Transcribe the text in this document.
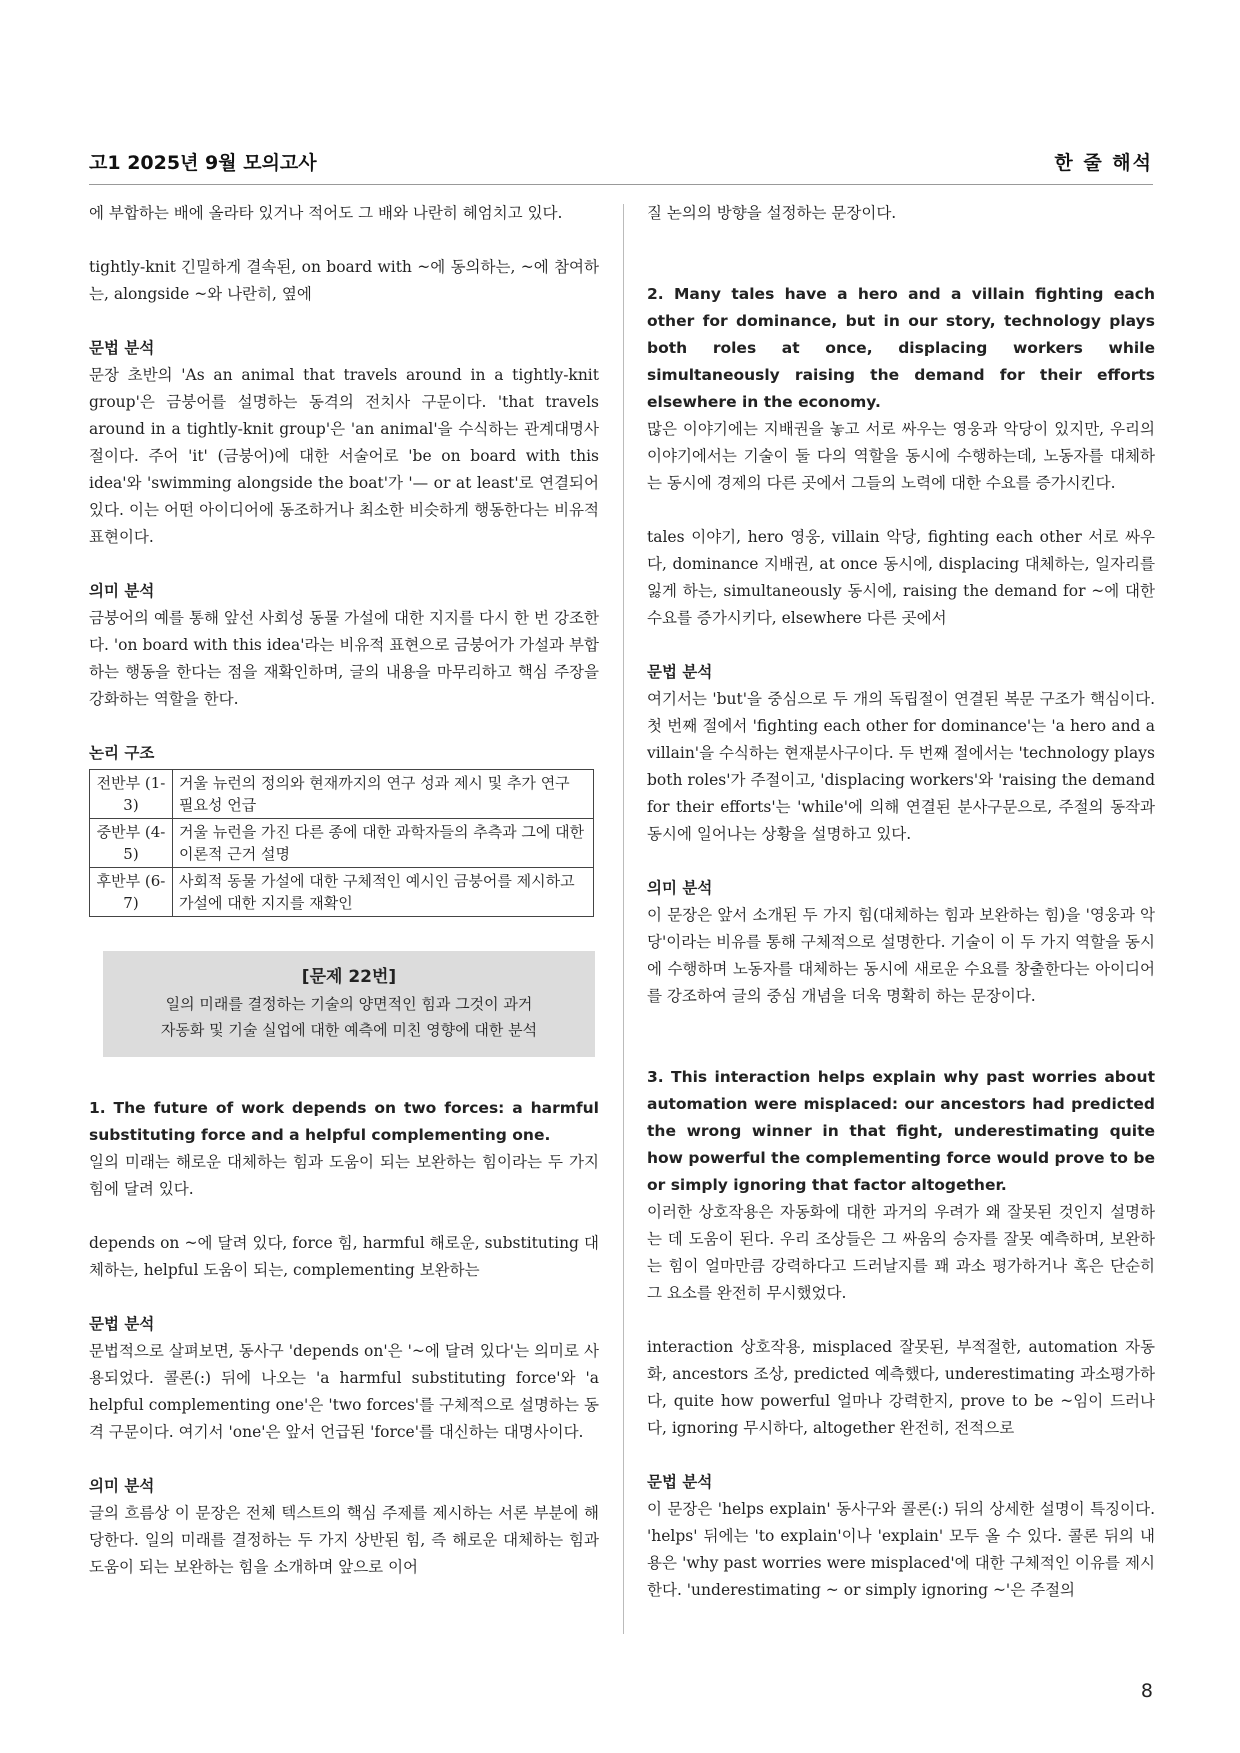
고1 2025년 9월 모의고사	한 줄 해석

에 부합하는 배에 올라타 있거나 적어도 그 배와 나란히 헤엄치고 있다.

tightly-knit 긴밀하게 결속된, on board with ~에 동의하는, ~에 참여하는, alongside ~와 나란히, 옆에

문법 분석

문장 초반의 'As an animal that travels around in a tightly-knit group'은 금붕어를 설명하는 동격의 전치사 구문이다. 'that travels around in a tightly-knit group'은 'an animal'을 수식하는 관계대명사절이다. 주어 'it' (금붕어)에 대한 서술어로 'be on board with this idea'와 'swimming alongside the boat'가 '— or at least'로 연결되어 있다. 이는 어떤 아이디어에 동조하거나 최소한 비슷하게 행동한다는 비유적 표현이다.

의미 분석

금붕어의 예를 통해 앞선 사회성 동물 가설에 대한 지지를 다시 한 번 강조한다. 'on board with this idea'라는 비유적 표현으로 금붕어가 가설과 부합하는 행동을 한다는 점을 재확인하며, 글의 내용을 마무리하고 핵심 주장을 강화하는 역할을 한다.

논리 구조

전반부 (1-3)	거울 뉴런의 정의와 현재까지의 연구 성과 제시 및 추가 연구 필요성 언급
중반부 (4-5)	거울 뉴런을 가진 다른 종에 대한 과학자들의 추측과 그에 대한 이론적 근거 설명
후반부 (6-7)	사회적 동물 가설에 대한 구체적인 예시인 금붕어를 제시하고 가설에 대한 지지를 재확인
[문제 22번]
일의 미래를 결정하는 기술의 양면적인 힘과 그것이 과거
자동화 및 기술 실업에 대한 예측에 미친 영향에 대한 분석

1. The future of work depends on two forces: a harmful substituting force and a helpful complementing one.

일의 미래는 해로운 대체하는 힘과 도움이 되는 보완하는 힘이라는 두 가지 힘에 달려 있다.

depends on ~에 달려 있다, force 힘, harmful 해로운, substituting 대체하는, helpful 도움이 되는, complementing 보완하는

문법 분석

문법적으로 살펴보면, 동사구 'depends on'은 '~에 달려 있다'는 의미로 사용되었다. 콜론(:) 뒤에 나오는 'a harmful substituting force'와 'a helpful complementing one'은 'two forces'를 구체적으로 설명하는 동격 구문이다. 여기서 'one'은 앞서 언급된 'force'를 대신하는 대명사이다.

의미 분석

글의 흐름상 이 문장은 전체 텍스트의 핵심 주제를 제시하는 서론 부분에 해당한다. 일의 미래를 결정하는 두 가지 상반된 힘, 즉 해로운 대체하는 힘과 도움이 되는 보완하는 힘을 소개하며 앞으로 이어

질 논의의 방향을 설정하는 문장이다.

2. Many tales have a hero and a villain fighting each other for dominance, but in our story, technology plays both roles at once, displacing workers while simultaneously raising the demand for their efforts elsewhere in the economy.

많은 이야기에는 지배권을 놓고 서로 싸우는 영웅과 악당이 있지만, 우리의 이야기에서는 기술이 둘 다의 역할을 동시에 수행하는데, 노동자를 대체하는 동시에 경제의 다른 곳에서 그들의 노력에 대한 수요를 증가시킨다.

tales 이야기, hero 영웅, villain 악당, fighting each other 서로 싸우다, dominance 지배권, at once 동시에, displacing 대체하는, 일자리를 잃게 하는, simultaneously 동시에, raising the demand for ~에 대한 수요를 증가시키다, elsewhere 다른 곳에서

문법 분석

여기서는 'but'을 중심으로 두 개의 독립절이 연결된 복문 구조가 핵심이다. 첫 번째 절에서 'fighting each other for dominance'는 'a hero and a villain'을 수식하는 현재분사구이다. 두 번째 절에서는 'technology plays both roles'가 주절이고, 'displacing workers'와 'raising the demand for their efforts'는 'while'에 의해 연결된 분사구문으로, 주절의 동작과 동시에 일어나는 상황을 설명하고 있다.

의미 분석

이 문장은 앞서 소개된 두 가지 힘(대체하는 힘과 보완하는 힘)을 '영웅과 악당'이라는 비유를 통해 구체적으로 설명한다. 기술이 이 두 가지 역할을 동시에 수행하며 노동자를 대체하는 동시에 새로운 수요를 창출한다는 아이디어를 강조하여 글의 중심 개념을 더욱 명확히 하는 문장이다.

3. This interaction helps explain why past worries about automation were misplaced: our ancestors had predicted the wrong winner in that fight, underestimating quite how powerful the complementing force would prove to be or simply ignoring that factor altogether.

이러한 상호작용은 자동화에 대한 과거의 우려가 왜 잘못된 것인지 설명하는 데 도움이 된다. 우리 조상들은 그 싸움의 승자를 잘못 예측하며, 보완하는 힘이 얼마만큼 강력하다고 드러날지를 꽤 과소 평가하거나 혹은 단순히 그 요소를 완전히 무시했었다.

interaction 상호작용, misplaced 잘못된, 부적절한, automation 자동화, ancestors 조상, predicted 예측했다, underestimating 과소평가하다, quite how powerful 얼마나 강력한지, prove to be ~임이 드러나다, ignoring 무시하다, altogether 완전히, 전적으로

문법 분석

이 문장은 'helps explain' 동사구와 콜론(:) 뒤의 상세한 설명이 특징이다. 'helps' 뒤에는 'to explain'이나 'explain' 모두 올 수 있다. 콜론 뒤의 내용은 'why past worries were misplaced'에 대한 구체적인 이유를 제시한다. 'underestimating ~ or simply ignoring ~'은 주절의

8
